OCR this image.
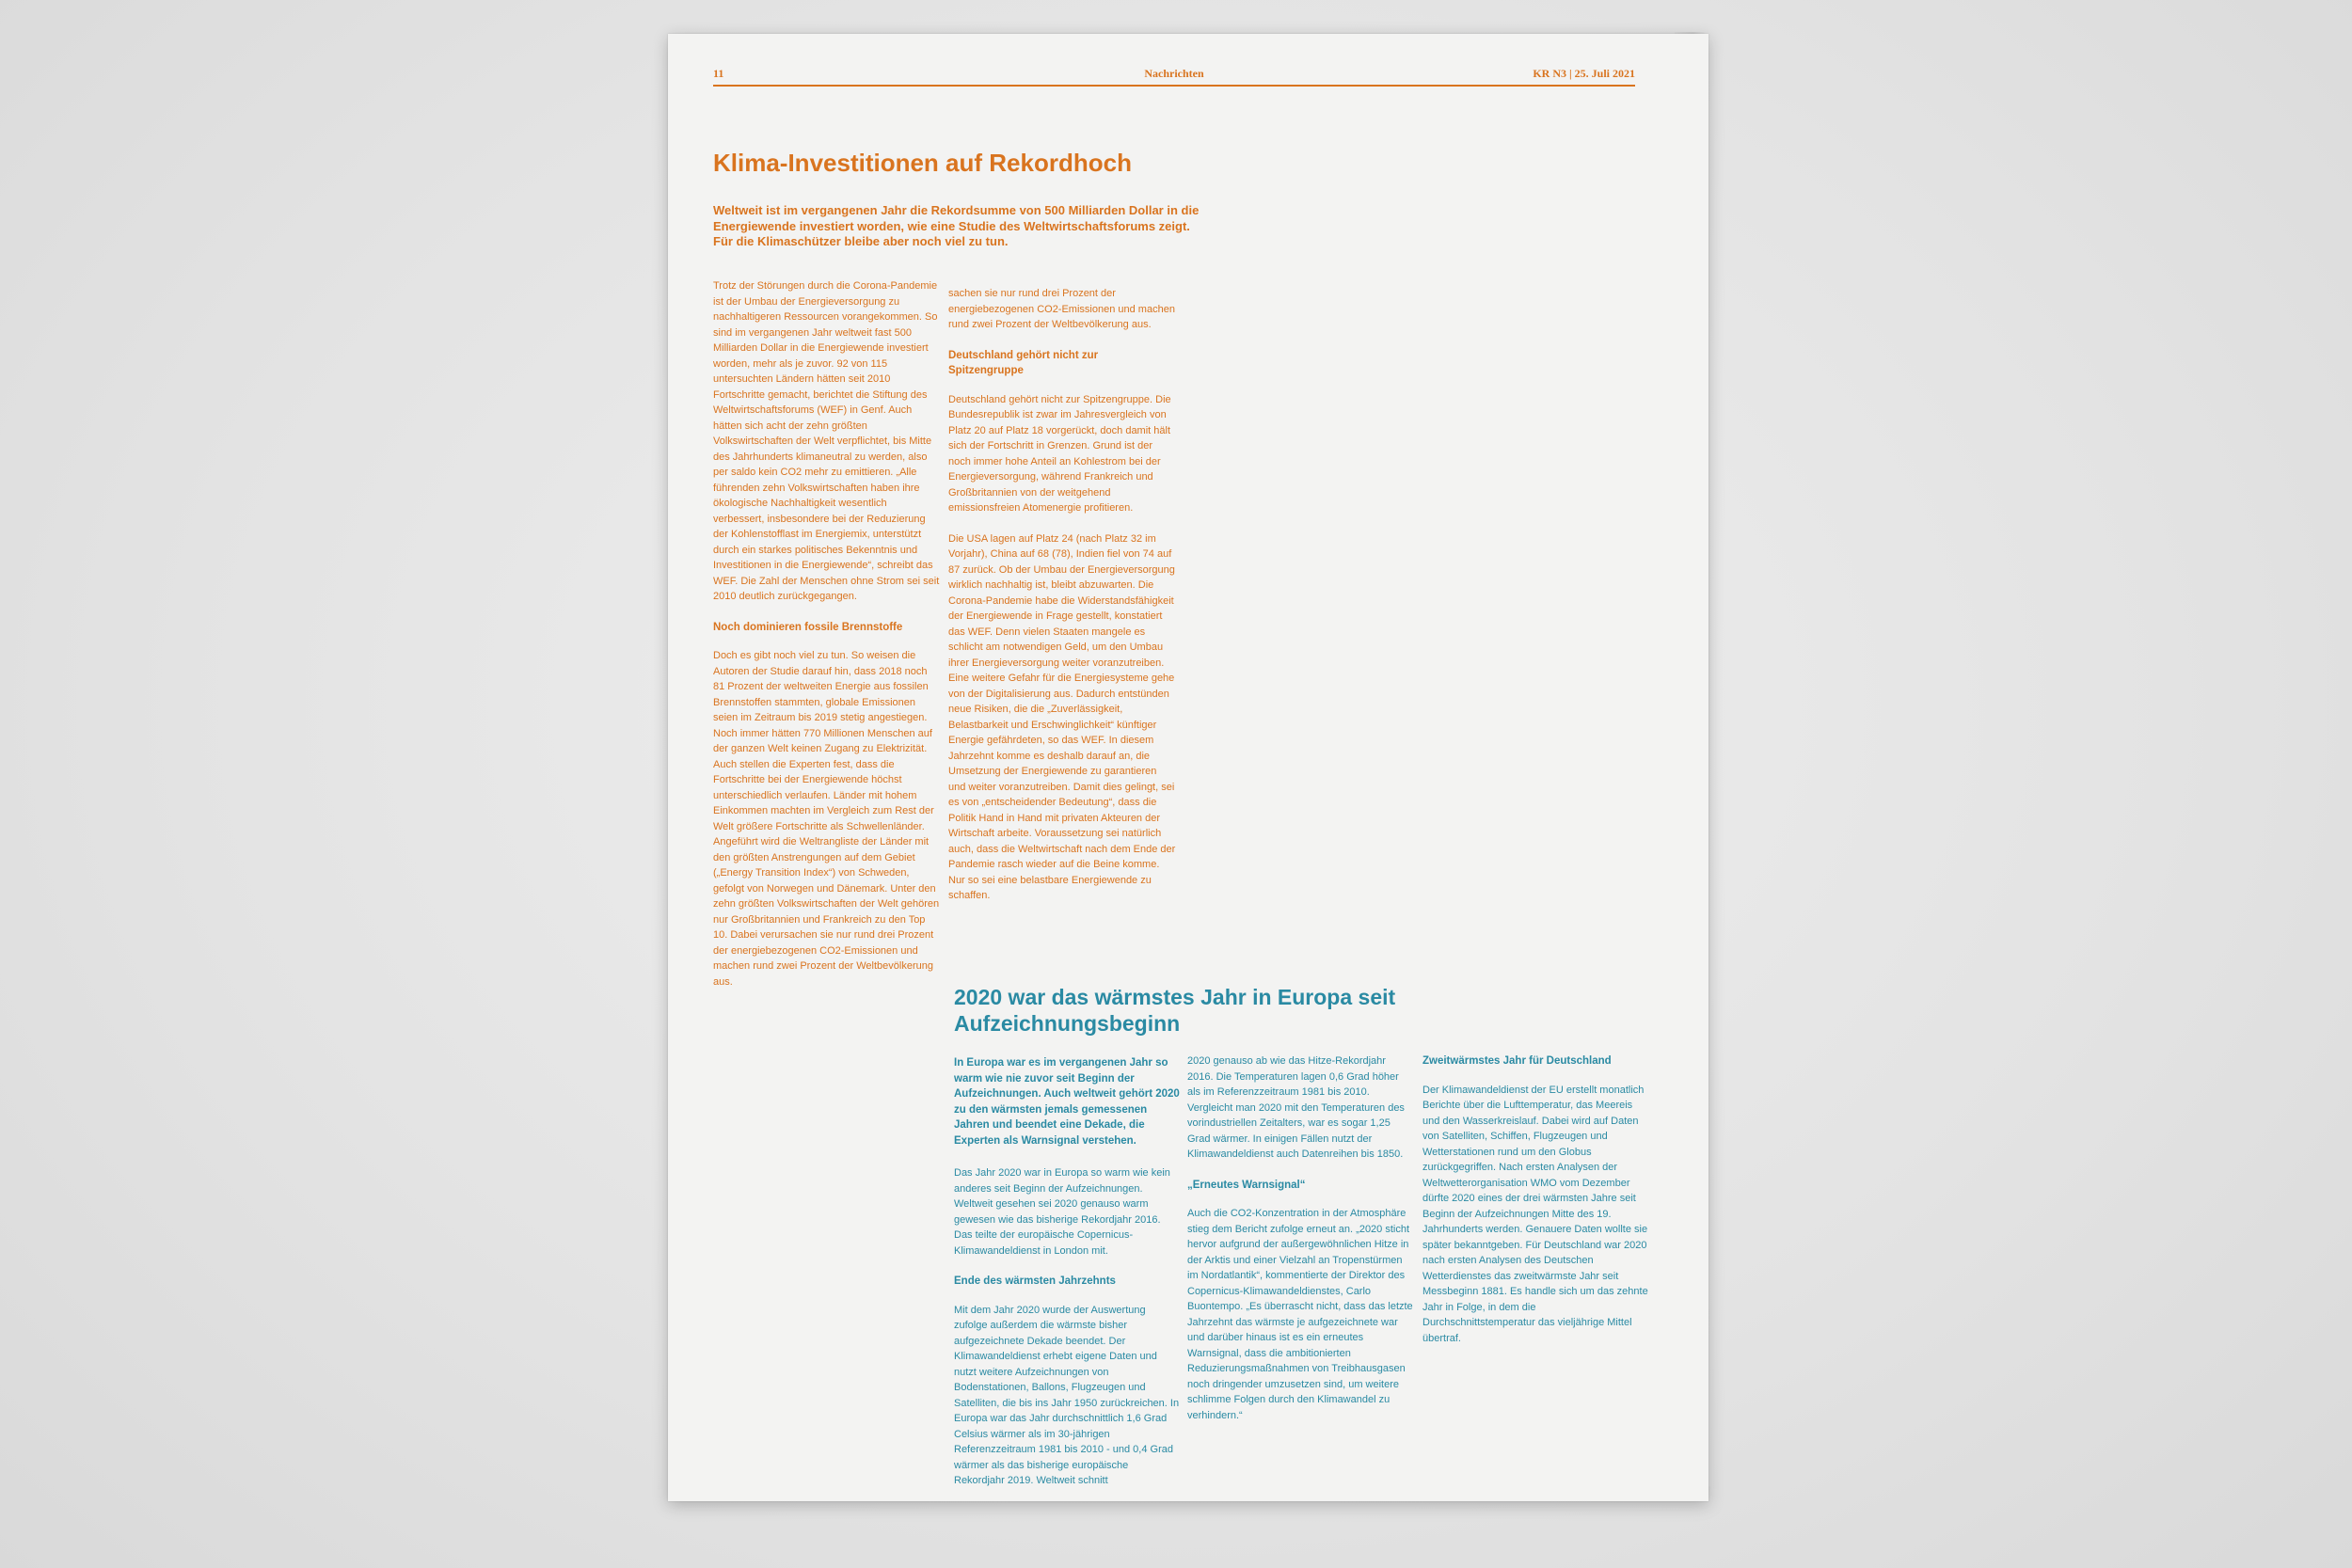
11	Nachrichten	KR N3 | 25. Juli 2021
Klima-Investitionen auf Rekordhoch

Weltweit ist im vergangenen Jahr die Rekordsumme von 500 Milliarden Dollar in die Energiewende investiert worden, wie eine Studie des Weltwirtschaftsforums zeigt. Für die Klimaschützer bleibe aber noch viel zu tun.

Trotz der Störungen durch die Corona-Pandemie ist der Umbau der Energieversorgung zu nachhaltigeren Ressourcen vorangekommen. So sind im vergangenen Jahr weltweit fast 500 Milliarden Dollar in die Energiewende investiert worden, mehr als je zuvor. 92 von 115 untersuchten Ländern hätten seit 2010 Fortschritte gemacht, berichtet die Stiftung des Weltwirtschaftsforums (WEF) in Genf. Auch hätten sich acht der zehn größten Volkswirtschaften der Welt verpflichtet, bis Mitte des Jahrhunderts klimaneutral zu werden, also per saldo kein CO2 mehr zu emittieren. „Alle führenden zehn Volkswirtschaften haben ihre ökologische Nachhaltigkeit wesentlich verbessert, insbesondere bei der Reduzierung der Kohlenstofflast im Energiemix, unterstützt durch ein starkes politisches Bekenntnis und Investitionen in die Energiewende“, schreibt das WEF. Die Zahl der Menschen ohne Strom sei seit 2010 deutlich zurückgegangen.

Noch dominieren fossile Brennstoffe

Doch es gibt noch viel zu tun. So weisen die Autoren der Studie darauf hin, dass 2018 noch 81 Prozent der weltweiten Energie aus fossilen Brennstoffen stammten, globale Emissionen seien im Zeitraum bis 2019 stetig angestiegen. Noch immer hätten 770 Millionen Menschen auf der ganzen Welt keinen Zugang zu Elektrizität. Auch stellen die Experten fest, dass die Fortschritte bei der Energiewende höchst unterschiedlich verlaufen. Länder mit hohem Einkommen machten im Vergleich zum Rest der Welt größere Fortschritte als Schwellenländer. Angeführt wird die Weltrangliste der Länder mit den größten Anstrengungen auf dem Gebiet („Energy Transition Index“) von Schweden, gefolgt von Norwegen und Dänemark. Unter den zehn größten Volkswirtschaften der Welt gehören nur Großbritannien und Frankreich zu den Top 10. Dabei verursachen sie nur rund drei Prozent der energiebezogenen CO2-Emissionen und machen rund zwei Prozent der Weltbevölkerung aus.

sachen sie nur rund drei Prozent der energiebezogenen CO2-Emissionen und machen rund zwei Prozent der Weltbevölkerung aus.

Deutschland gehört nicht zur Spitzengruppe

Deutschland gehört nicht zur Spitzengruppe. Die Bundesrepublik ist zwar im Jahresvergleich von Platz 20 auf Platz 18 vorgerückt, doch damit hält sich der Fortschritt in Grenzen. Grund ist der noch immer hohe Anteil an Kohlestrom bei der Energieversorgung, während Frankreich und Großbritannien von der weitgehend emissionsfreien Atomenergie profitieren.

Die USA lagen auf Platz 24 (nach Platz 32 im Vorjahr), China auf 68 (78), Indien fiel von 74 auf 87 zurück. Ob der Umbau der Energieversorgung wirklich nachhaltig ist, bleibt abzuwarten. Die Corona-Pandemie habe die Widerstandsfähigkeit der Energiewende in Frage gestellt, konstatiert das WEF. Denn vielen Staaten mangele es schlicht am notwendigen Geld, um den Umbau ihrer Energieversorgung weiter voranzutreiben. Eine weitere Gefahr für die Energiesysteme gehe von der Digitalisierung aus. Dadurch entstünden neue Risiken, die die „Zuverlässigkeit, Belastbarkeit und Erschwinglichkeit“ künftiger Energie gefährdeten, so das WEF. In diesem Jahrzehnt komme es deshalb darauf an, die Umsetzung der Energiewende zu garantieren und weiter voranzutreiben. Damit dies gelingt, sei es von „entscheidender Bedeutung“, dass die Politik Hand in Hand mit privaten Akteuren der Wirtschaft arbeite. Voraussetzung sei natürlich auch, dass die Weltwirtschaft nach dem Ende der Pandemie rasch wieder auf die Beine komme. Nur so sei eine belastbare Energiewende zu schaffen.

2020 war das wärmstes Jahr in Europa seit Aufzeichnungsbeginn

In Europa war es im vergangenen Jahr so warm wie nie zuvor seit Beginn der Aufzeichnungen. Auch weltweit gehört 2020 zu den wärmsten jemals gemessenen Jahren und beendet eine Dekade, die Experten als Warnsignal verstehen.

Das Jahr 2020 war in Europa so warm wie kein anderes seit Beginn der Aufzeichnungen. Weltweit gesehen sei 2020 genauso warm gewesen wie das bisherige Rekordjahr 2016. Das teilte der europäische Copernicus-Klimawandeldienst in London mit.

Ende des wärmsten Jahrzehnts

Mit dem Jahr 2020 wurde der Auswertung zufolge außerdem die wärmste bisher aufgezeichnete Dekade beendet. Der Klimawandeldienst erhebt eigene Daten und nutzt weitere Aufzeichnungen von Bodenstationen, Ballons, Flugzeugen und Satelliten, die bis ins Jahr 1950 zurückreichen. In Europa war das Jahr durchschnittlich 1,6 Grad Celsius wärmer als im 30-jährigen Referenzzeitraum 1981 bis 2010 - und 0,4 Grad wärmer als das bisherige europäische Rekordjahr 2019. Weltweit schnitt

2020 genauso ab wie das Hitze-Rekordjahr 2016. Die Temperaturen lagen 0,6 Grad höher als im Referenzzeitraum 1981 bis 2010. Vergleicht man 2020 mit den Temperaturen des vorindustriellen Zeitalters, war es sogar 1,25 Grad wärmer. In einigen Fällen nutzt der Klimawandeldienst auch Datenreihen bis 1850.

„Erneutes Warnsignal“

Auch die CO2-Konzentration in der Atmosphäre stieg dem Bericht zufolge erneut an. „2020 sticht hervor aufgrund der außergewöhnlichen Hitze in der Arktis und einer Vielzahl an Tropenstürmen im Nordatlantik“, kommentierte der Direktor des Copernicus-Klimawandeldienstes, Carlo Buontempo. „Es überrascht nicht, dass das letzte Jahrzehnt das wärmste je aufgezeichnete war und darüber hinaus ist es ein erneutes Warnsignal, dass die ambitionierten Reduzierungsmaßnahmen von Treibhausgasen noch dringender umzusetzen sind, um weitere schlimme Folgen durch den Klimawandel zu verhindern.“

Zweitwärmstes Jahr für Deutschland

Der Klimawandeldienst der EU erstellt monatlich Berichte über die Lufttemperatur, das Meereis und den Wasserkreislauf. Dabei wird auf Daten von Satelliten, Schiffen, Flugzeugen und Wetterstationen rund um den Globus zurückgegriffen. Nach ersten Analysen der Weltwetterorganisation WMO vom Dezember dürfte 2020 eines der drei wärmsten Jahre seit Beginn der Aufzeichnungen Mitte des 19. Jahrhunderts werden. Genauere Daten wollte sie später bekanntgeben. Für Deutschland war 2020 nach ersten Analysen des Deutschen Wetterdienstes das zweitwärmste Jahr seit Messbeginn 1881. Es handle sich um das zehnte Jahr in Folge, in dem die Durchschnittstemperatur das vieljährige Mittel übertraf.
